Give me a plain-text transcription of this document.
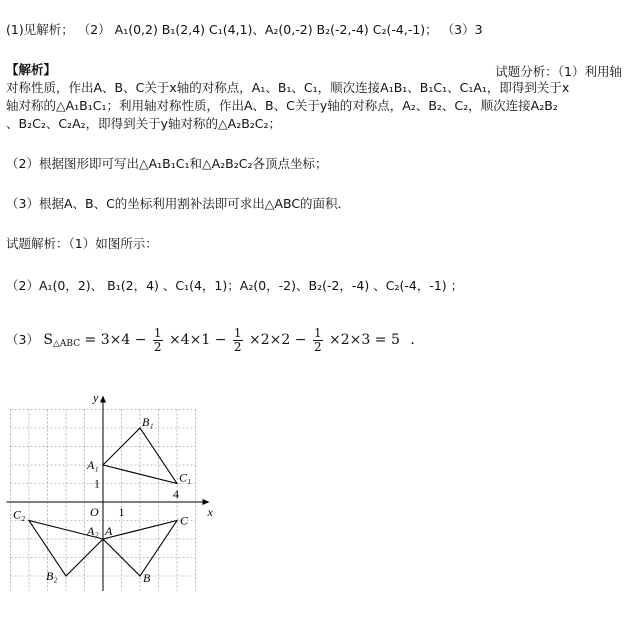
(1)见解析； （2） A₁(0,2) B₁(2,4) C₁(4,1)、A₂(0,-2) B₂(-2,-4) C₂(-4,-1)； （3）3
【解析】	试题分析：（1）利用轴
对称性质，作出A、B、C关于x轴的对称点，A₁、B₁、C₁，顺次连接A₁B₁、B₁C₁、C₁A₁，即得到关于x
轴对称的△A₁B₁C₁；利用轴对称性质，作出A、B、C关于y轴的对称点，A₂、B₂、C₂，顺次连接A₂B₂
、B₂C₂、C₂A₂，即得到关于y轴对称的△A₂B₂C₂；
（2）根据图形即可写出△A₁B₁C₁和△A₂B₂C₂各顶点坐标；
（3）根据A、B、C的坐标利用割补法即可求出△ABC的面积．
试题解析：（1）如图所示：
（2）A₁(0，2)、 B₁(2，4) 、C₁(4，1)；A₂(0，-2)、B₂(-2，-4) 、C₂(-4，-1) ；
（3） $S_{\triangle ABC} = 3\times 4 - \frac{1}{2} \times 4\times 1 - \frac{1}{2} \times 2\times 2 - \frac{1}{2} \times 2\times 3 = 5$ ．
x
y
O 1
1
4
A₁
B₁
C₁
A₂ A
B
C
B₂
C₂
